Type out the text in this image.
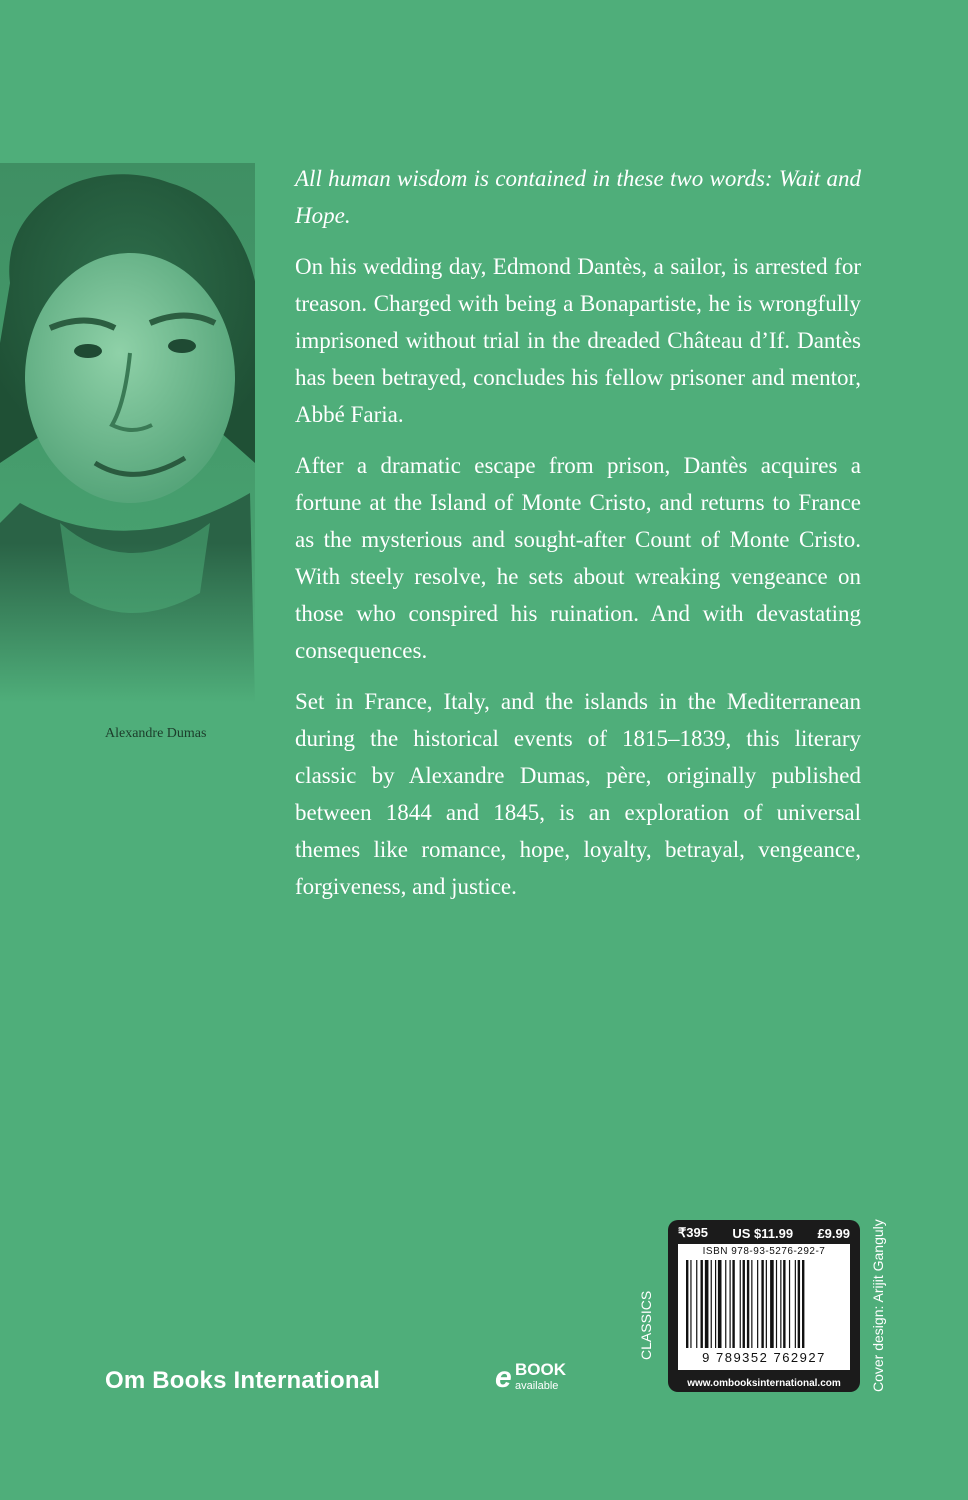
Alexandre Dumas

All human wisdom is contained in these two words: Wait and Hope.

On his wedding day, Edmond Dantès, a sailor, is arrested for treason. Charged with being a Bonapartiste, he is wrongfully imprisoned without trial in the dreaded Château d’If. Dantès has been betrayed, concludes his fellow prisoner and mentor, Abbé Faria.

After a dramatic escape from prison, Dantès acquires a fortune at the Island of Monte Cristo, and returns to France as the mysterious and sought-after Count of Monte Cristo. With steely resolve, he sets about wreaking vengeance on those who conspired his ruination. And with devastating consequences.

Set in France, Italy, and the islands in the Mediterranean during the historical events of 1815–1839, this literary classic by Alexandre Dumas, père, originally published between 1844 and 1845, is an exploration of universal themes like romance, hope, loyalty, betrayal, vengeance, forgiveness, and justice.

Om Books International	e BOOK
available
CLASSICS
₹395 US $11.99 £9.99
ISBN 978-93-5276-292-7
9 789352 762927
www.ombooksinternational.com	Cover design: Arijit Ganguly
